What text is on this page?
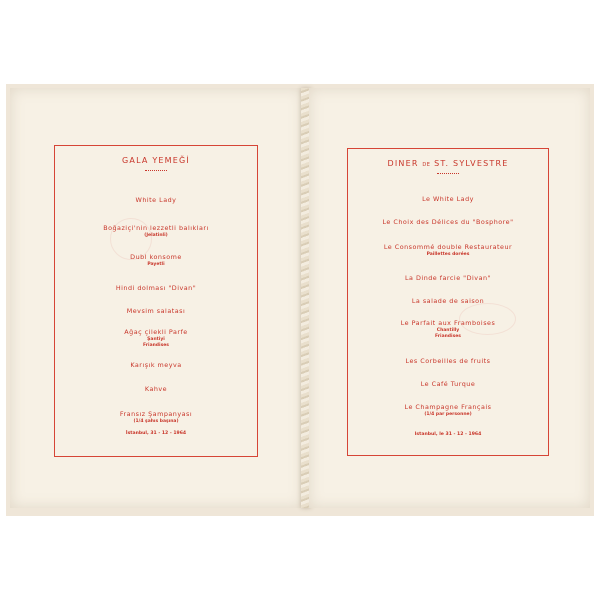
GALA YEMEĞİ
White Lady
Boğaziçi'nin lezzetli balıkları
(Jelatinli)
Dubl konsome
Payetli
Hindi dolması "Divan"
Mevsim salatası
Ağaç çilekli Parfe
Şantiyi
Friandises
Karışık meyva
Kahve
Fransız Şampanyası
(1/4 şahıs başına)
İstanbul, 31 - 12 - 1964
DINER DE ST. SYLVESTRE
Le White Lady
Le Choix des Délices du "Bosphore"
Le Consommé double Restaurateur
Paillettes dorées
La Dinde farcie "Divan"
La salade de saison
Le Parfait aux Framboises
Chantilly
Friandises
Les Corbeilles de fruits
Le Café Turque
Le Champagne Français
(1/4 par personne)
Istanbul, le 31 - 12 - 1964
